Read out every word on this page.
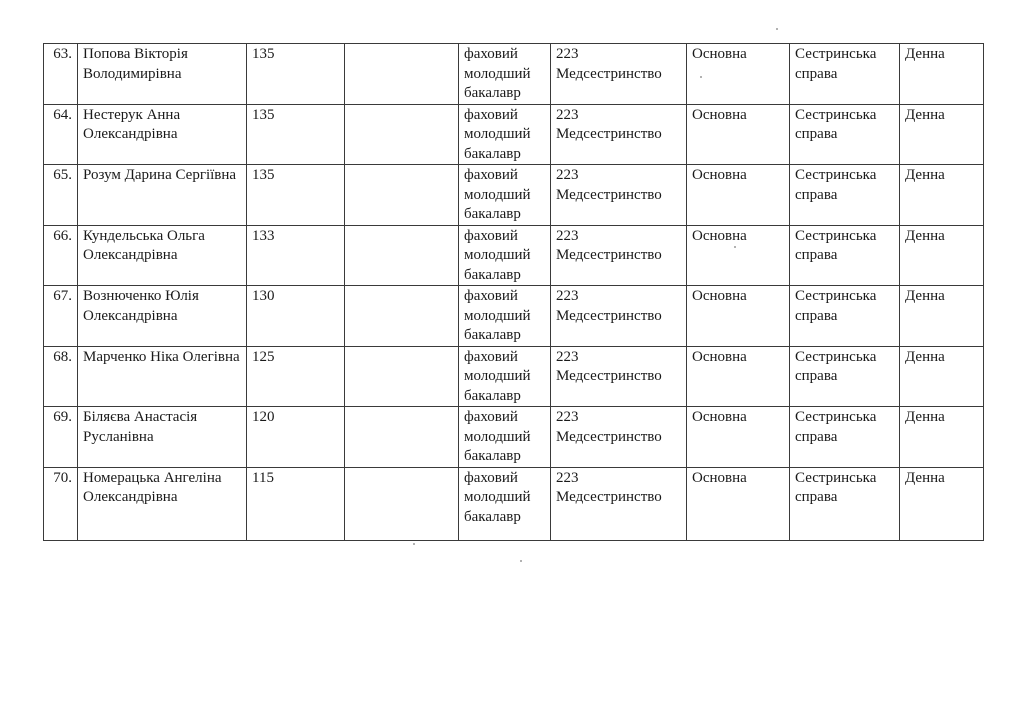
63.	Попова Вікторія Володимирівна	135		фаховий молодший бакалавр	223 Медсестринство	Основна	Сестринська справа	Денна
64.	Нестерук Анна Олександрівна	135		фаховий молодший бакалавр	223 Медсестринство	Основна	Сестринська справа	Денна
65.	Розум Дарина Сергіївна	135		фаховий молодший бакалавр	223 Медсестринство	Основна	Сестринська справа	Денна
66.	Кундельська Ольга Олександрівна	133		фаховий молодший бакалавр	223 Медсестринство	Основна	Сестринська справа	Денна
67.	Вознюченко Юлія Олександрівна	130		фаховий молодший бакалавр	223 Медсестринство	Основна	Сестринська справа	Денна
68.	Марченко Ніка Олегівна	125		фаховий молодший бакалавр	223 Медсестринство	Основна	Сестринська справа	Денна
69.	Біляєва Анастасія Русланівна	120		фаховий молодший бакалавр	223 Медсестринство	Основна	Сестринська справа	Денна
70.	Номерацька Ангеліна Олександрівна	115		фаховий молодший бакалавр	223 Медсестринство	Основна	Сестринська справа	Денна
